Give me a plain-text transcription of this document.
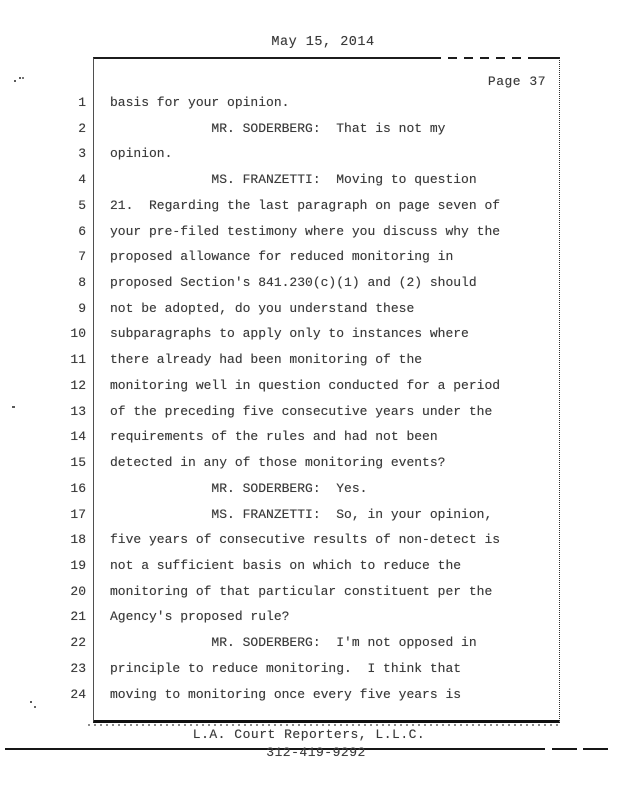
May 15, 2014
Page 37
1	basis for your opinion.
2	MR. SODERBERG:  That is not my
3	opinion.
4	MS. FRANZETTI:  Moving to question
5	21.  Regarding the last paragraph on page seven of
6	your pre-filed testimony where you discuss why the
7	proposed allowance for reduced monitoring in
8	proposed Section's 841.230(c)(1) and (2) should
9	not be adopted, do you understand these
10	subparagraphs to apply only to instances where
11	there already had been monitoring of the
12	monitoring well in question conducted for a period
13	of the preceding five consecutive years under the
14	requirements of the rules and had not been
15	detected in any of those monitoring events?
16	MR. SODERBERG:  Yes.
17	MS. FRANZETTI:  So, in your opinion,
18	five years of consecutive results of non-detect is
19	not a sufficient basis on which to reduce the
20	monitoring of that particular constituent per the
21	Agency's proposed rule?
22	MR. SODERBERG:  I'm not opposed in
23	principle to reduce monitoring.  I think that
24	moving to monitoring once every five years is
L.A. Court Reporters, L.L.C.
312-419-9292
